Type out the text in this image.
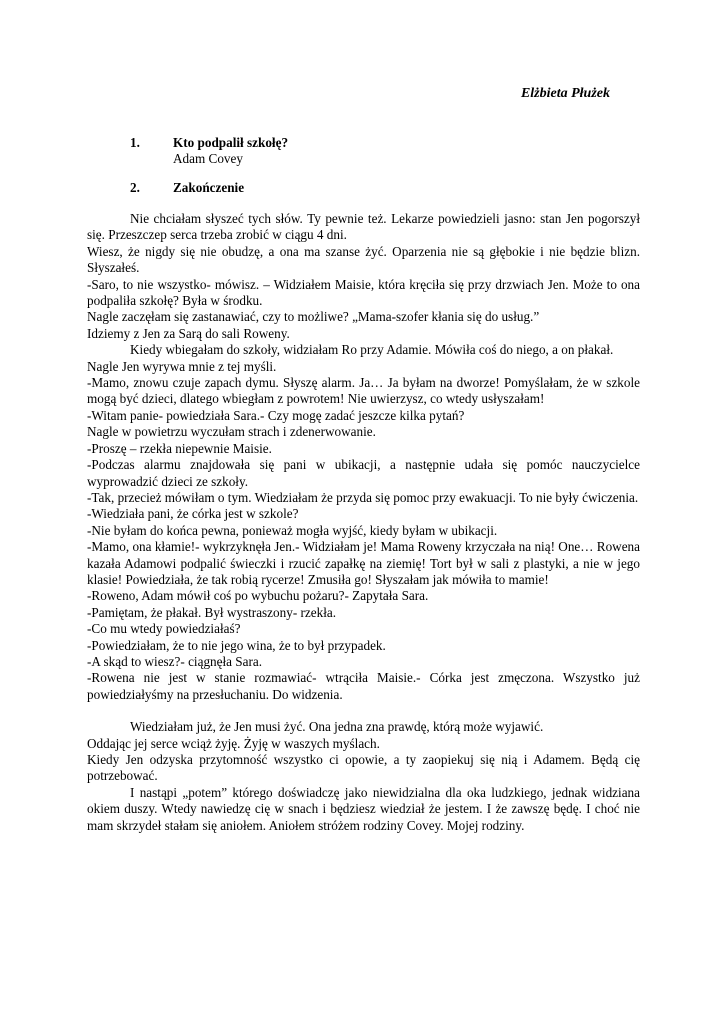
Elżbieta Płużek
1.	Kto podpalił szkołę?
Adam Covey
2.	Zakończenie

Nie chciałam słyszeć tych słów. Ty pewnie też. Lekarze powiedzieli jasno: stan Jen pogorszył się. Przeszczep serca trzeba zrobić w ciągu 4 dni.

Wiesz, że nigdy się nie obudzę, a ona ma szanse żyć. Oparzenia nie są głębokie i nie będzie blizn. Słyszałeś.

-Saro, to nie wszystko- mówisz. – Widziałem Maisie, która kręciła się przy drzwiach Jen. Może to ona podpaliła szkołę? Była w środku.

Nagle zaczęłam się zastanawiać, czy to możliwe? „Mama-szofer kłania się do usług.”

Idziemy z Jen za Sarą do sali Roweny.

Kiedy wbiegałam do szkoły, widziałam Ro przy Adamie. Mówiła coś do niego, a on płakał.

Nagle Jen wyrywa mnie z tej myśli.

-Mamo, znowu czuje zapach dymu. Słyszę alarm. Ja… Ja byłam na dworze! Pomyślałam, że w szkole mogą być dzieci, dlatego wbiegłam z powrotem! Nie uwierzysz, co wtedy usłyszałam!

-Witam panie- powiedziała Sara.- Czy mogę zadać jeszcze kilka pytań?

Nagle w powietrzu wyczułam strach i zdenerwowanie.

-Proszę – rzekła niepewnie Maisie.

-Podczas alarmu znajdowała się pani w ubikacji, a następnie udała się pomóc nauczycielce wyprowadzić dzieci ze szkoły.

-Tak, przecież mówiłam o tym. Wiedziałam że przyda się pomoc przy ewakuacji. To nie były ćwiczenia.

-Wiedziała pani, że córka jest w szkole?

-Nie byłam do końca pewna, ponieważ mogła wyjść, kiedy byłam w ubikacji.

-Mamo, ona kłamie!- wykrzyknęła Jen.- Widziałam je! Mama Roweny krzyczała na nią! One… Rowena kazała Adamowi podpalić świeczki i rzucić zapałkę na ziemię! Tort był w sali z plastyki, a nie w jego klasie! Powiedziała, że tak robią rycerze! Zmusiła go! Słyszałam jak mówiła to mamie!

-Roweno, Adam mówił coś po wybuchu pożaru?- Zapytała Sara.

-Pamiętam, że płakał. Był wystraszony- rzekła.

-Co mu wtedy powiedziałaś?

-Powiedziałam, że to nie jego wina, że to był przypadek.

-A skąd to wiesz?- ciągnęła Sara.

-Rowena nie jest w stanie rozmawiać- wtrąciła Maisie.- Córka jest zmęczona. Wszystko już powiedziałyśmy na przesłuchaniu. Do widzenia.

Wiedziałam już, że Jen musi żyć. Ona jedna zna prawdę, którą może wyjawić.

Oddając jej serce wciąż żyję. Żyję w waszych myślach.

Kiedy Jen odzyska przytomność wszystko ci opowie, a ty zaopiekuj się nią i Adamem. Będą cię potrzebować.

I nastąpi „potem” którego doświadczę jako niewidzialna dla oka ludzkiego, jednak widziana okiem duszy. Wtedy nawiedzę cię w snach i będziesz wiedział że jestem. I że zawszę będę. I choć nie mam skrzydeł stałam się aniołem. Aniołem stróżem rodziny Covey. Mojej rodziny.
